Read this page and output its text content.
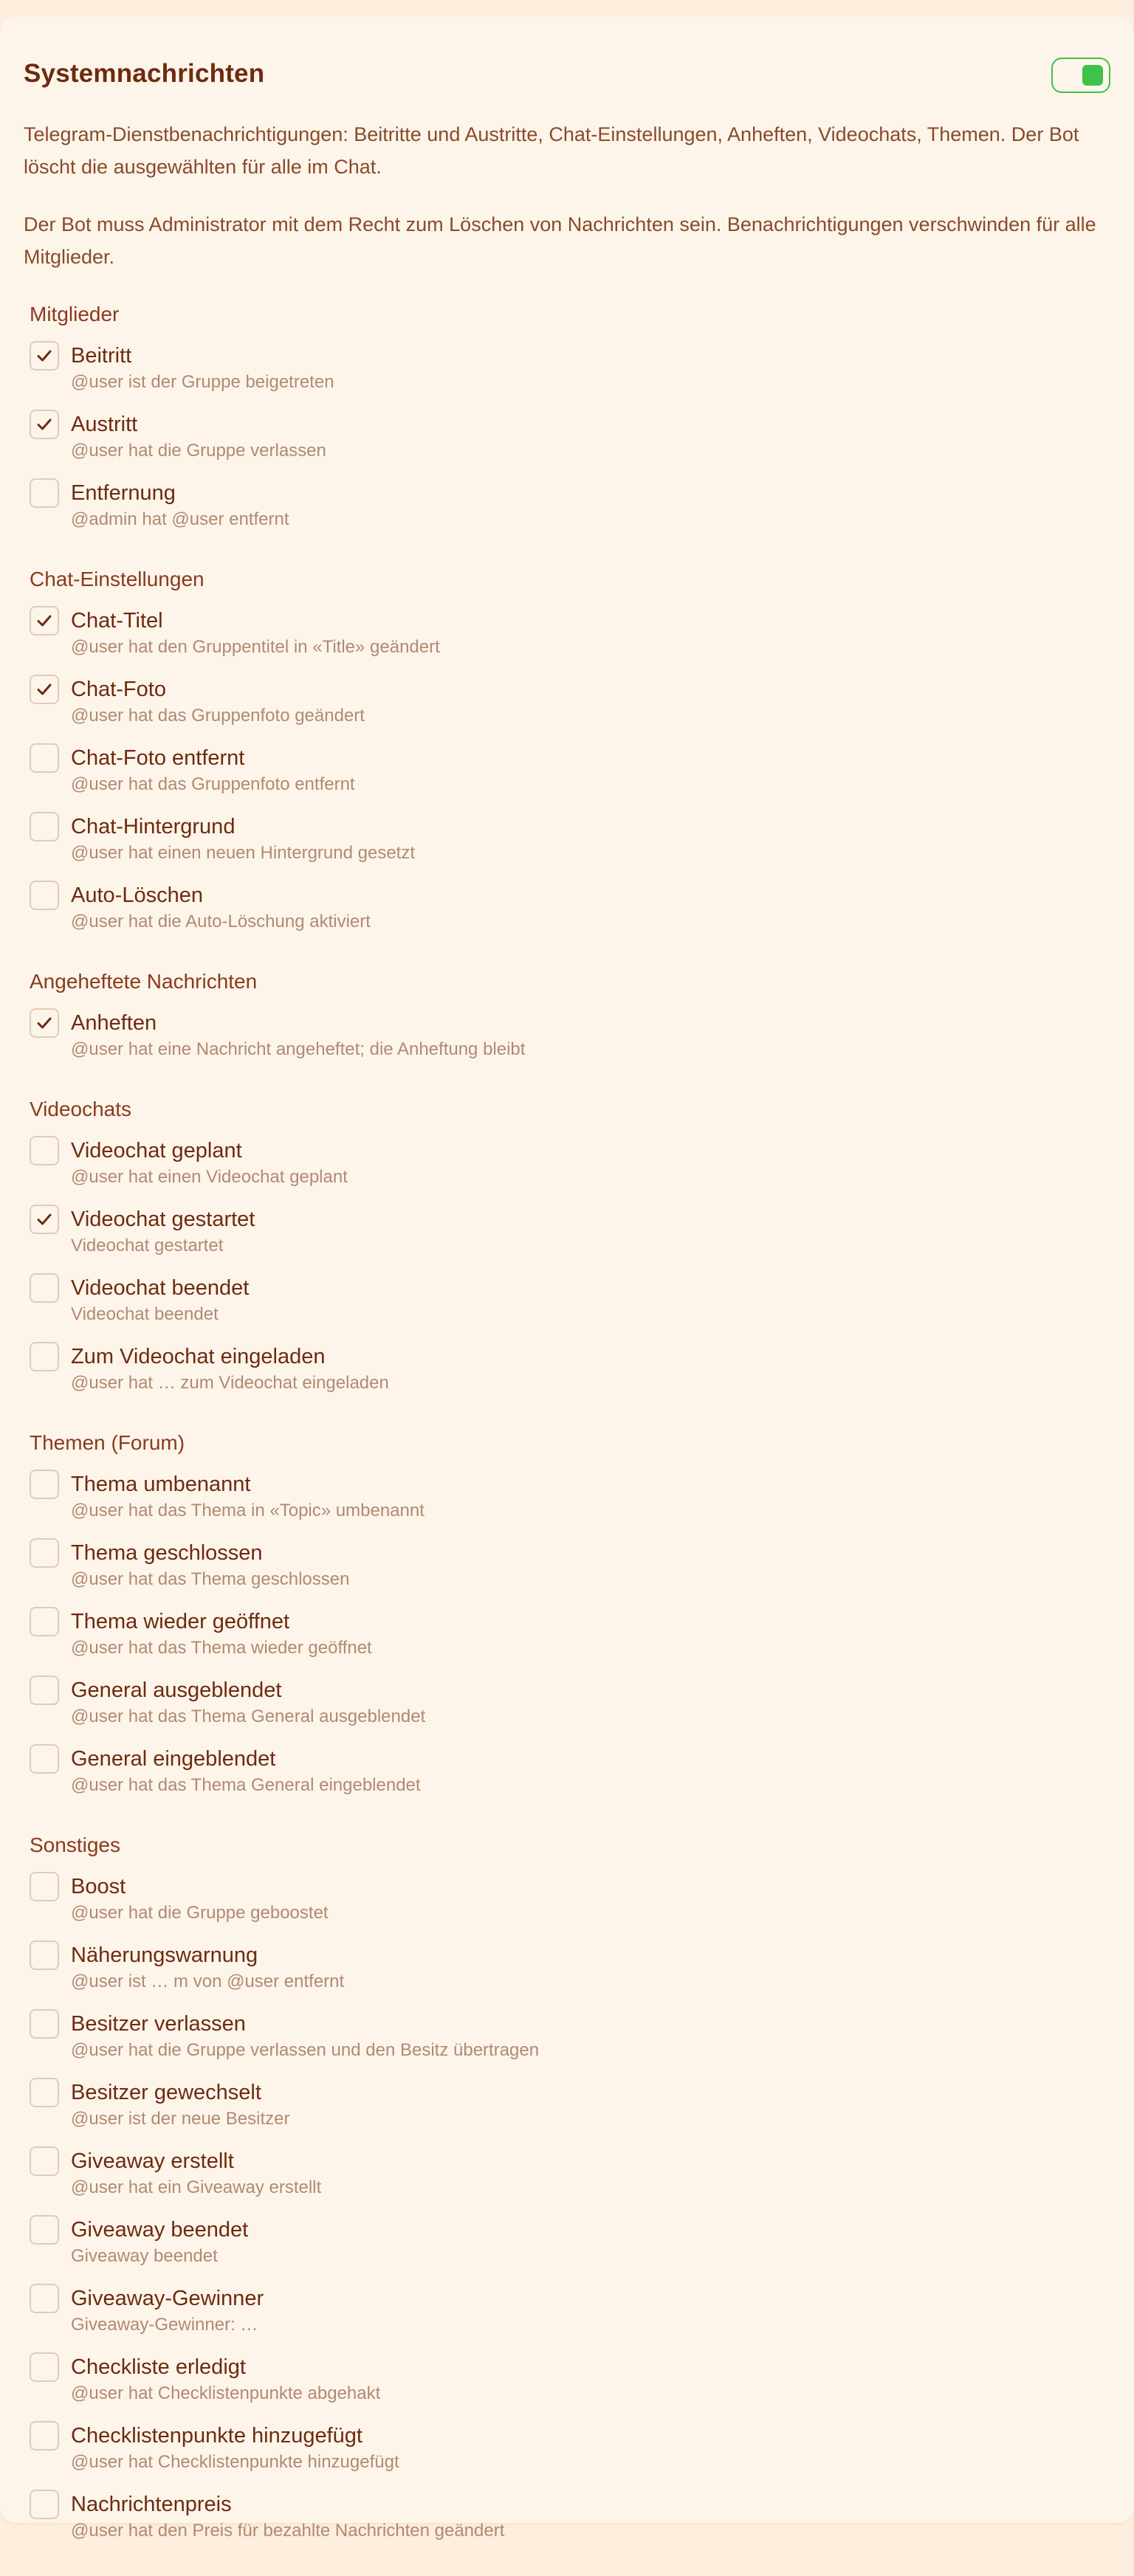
Systemnachrichten
Telegram-Dienstbenachrichtigungen: Beitritte und Austritte, Chat-Einstellungen, Anheften, Videochats, Themen. Der Bot löscht die ausgewählten für alle im Chat.
Der Bot muss Administrator mit dem Recht zum Löschen von Nachrichten sein. Benachrichtigungen verschwinden für alle Mitglieder.
Mitglieder
Beitritt
@user ist der Gruppe beigetreten
Austritt
@user hat die Gruppe verlassen
Entfernung
@admin hat @user entfernt
Chat-Einstellungen
Chat-Titel
@user hat den Gruppentitel in «Title» geändert
Chat-Foto
@user hat das Gruppenfoto geändert
Chat-Foto entfernt
@user hat das Gruppenfoto entfernt
Chat-Hintergrund
@user hat einen neuen Hintergrund gesetzt
Auto-Löschen
@user hat die Auto-Löschung aktiviert
Angeheftete Nachrichten
Anheften
@user hat eine Nachricht angeheftet; die Anheftung bleibt
Videochats
Videochat geplant
@user hat einen Videochat geplant
Videochat gestartet
Videochat gestartet
Videochat beendet
Videochat beendet
Zum Videochat eingeladen
@user hat … zum Videochat eingeladen
Themen (Forum)
Thema umbenannt
@user hat das Thema in «Topic» umbenannt
Thema geschlossen
@user hat das Thema geschlossen
Thema wieder geöffnet
@user hat das Thema wieder geöffnet
General ausgeblendet
@user hat das Thema General ausgeblendet
General eingeblendet
@user hat das Thema General eingeblendet
Sonstiges
Boost
@user hat die Gruppe geboostet
Näherungswarnung
@user ist … m von @user entfernt
Besitzer verlassen
@user hat die Gruppe verlassen und den Besitz übertragen
Besitzer gewechselt
@user ist der neue Besitzer
Giveaway erstellt
@user hat ein Giveaway erstellt
Giveaway beendet
Giveaway beendet
Giveaway-Gewinner
Giveaway-Gewinner: …
Checkliste erledigt
@user hat Checklistenpunkte abgehakt
Checklistenpunkte hinzugefügt
@user hat Checklistenpunkte hinzugefügt
Nachrichtenpreis
@user hat den Preis für bezahlte Nachrichten geändert
